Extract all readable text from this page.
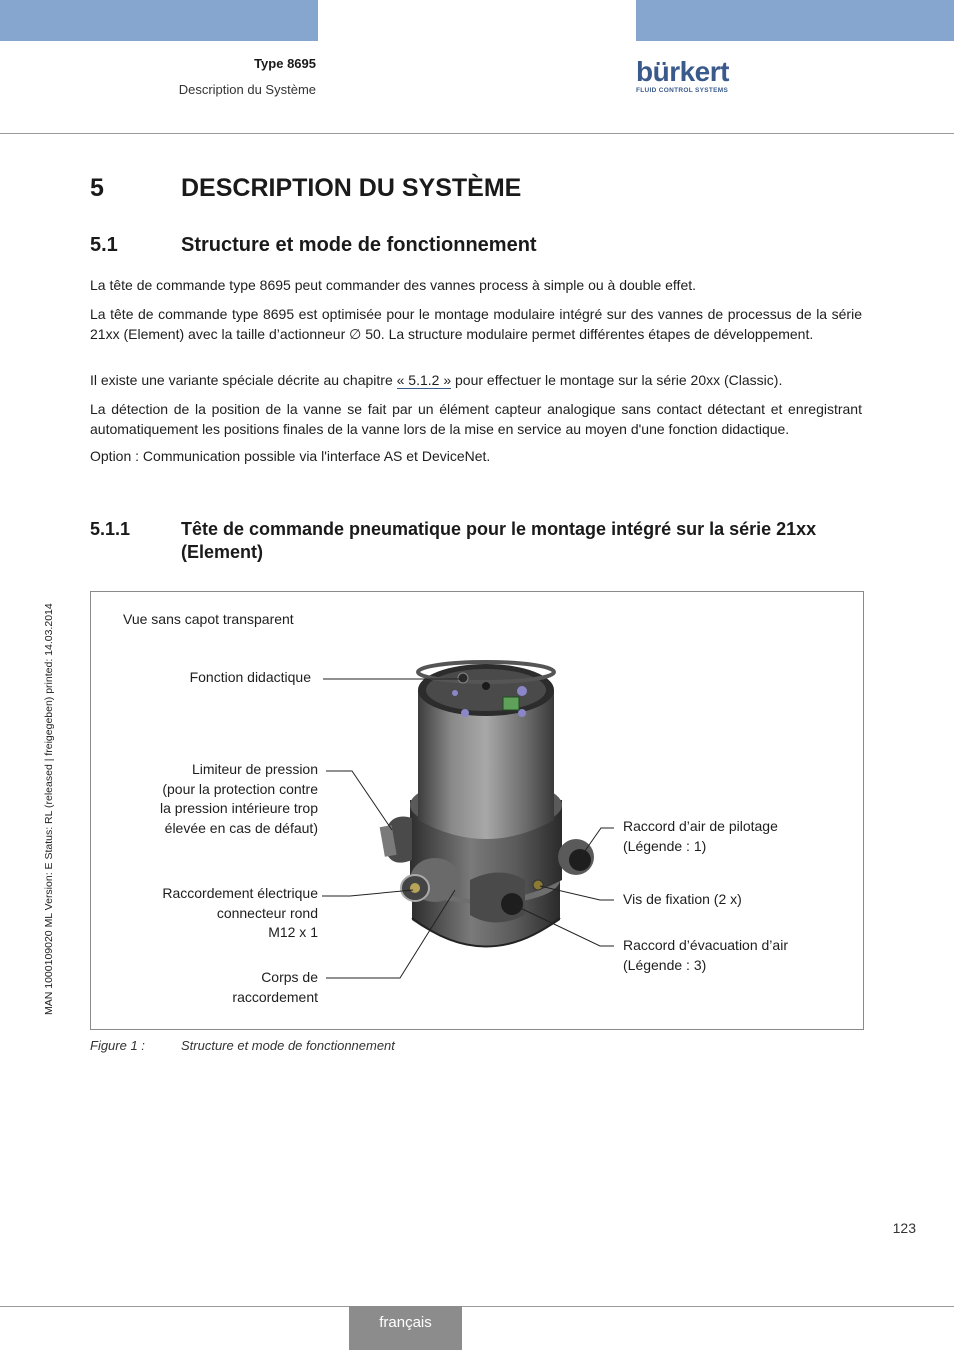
Type 8695
Description du Système
bürkert
FLUID CONTROL SYSTEMS
5	DESCRIPTION DU SYSTÈME
5.1	Structure et mode de fonctionnement
La tête de commande type 8695 peut commander des vannes process à simple ou à double effet.
La tête de commande type 8695 est optimisée pour le montage modulaire intégré sur des vannes de processus de la série 21xx (Element) avec la taille d’actionneur ∅ 50. La structure modulaire permet différentes étapes de développement.
Il existe une variante spéciale décrite au chapitre « 5.1.2 » pour effectuer le montage sur la série 20xx (Classic).
La détection de la position de la vanne se fait par un élément capteur analogique sans contact détectant et enregistrant automatiquement les positions finales de la vanne lors de la mise en service au moyen d'une fonction didactique.
Option : Communication possible via l'interface AS et DeviceNet.
5.1.1	Tête de commande pneumatique pour le montage intégré sur la série 21xx (Element)
Vue sans capot transparent
Fonction didactique
Limiteur de pression
(pour la protection contre
la pression intérieure trop
élevée en cas de défaut)
Raccordement électrique
connecteur rond
M12 x 1
Corps de
raccordement
Raccord d’air de pilotage
(Légende : 1)
Vis de fixation (2 x)
Raccord d’évacuation d’air
(Légende : 3)
Figure 1 :	Structure et mode de fonctionnement
MAN 1000109020 ML Version: E Status: RL (released | freigegeben) printed: 14.03.2014
123
français
